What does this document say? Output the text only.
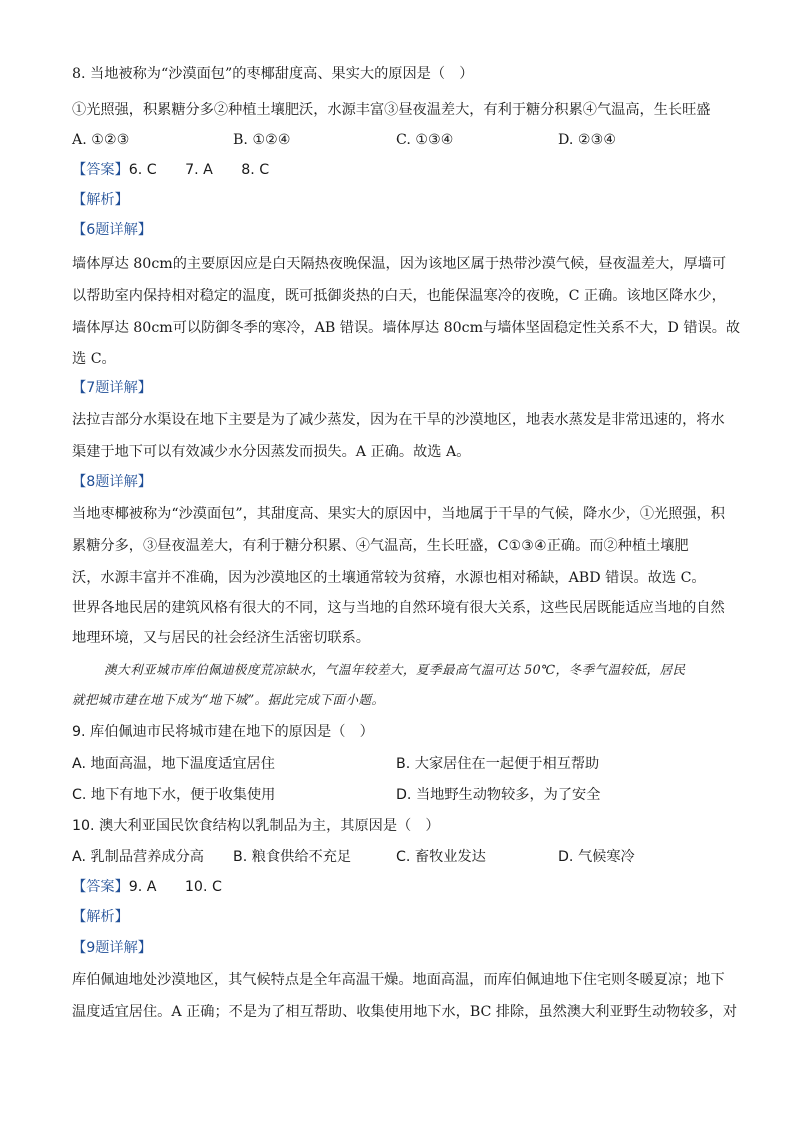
8. 当地被称为“沙漠面包”的枣椰甜度高、果实大的原因是（　）
①光照强，积累糖分多②种植土壤肥沃，水源丰富③昼夜温差大，有利于糖分积累④气温高，生长旺盛
A. ①②③	B. ①②④	C. ①③④	D. ②③④
【答案】6. C　　7. A　　8. C
【解析】
【6题详解】
墙体厚达 80cm的主要原因应是白天隔热夜晚保温，因为该地区属于热带沙漠气候，昼夜温差大，厚墙可
以帮助室内保持相对稳定的温度，既可抵御炎热的白天，也能保温寒冷的夜晚，C 正确。该地区降水少，
墙体厚达 80cm可以防御冬季的寒冷，AB 错误。墙体厚达 80cm与墙体坚固稳定性关系不大，D 错误。故
选 C。
【7题详解】
法拉吉部分水渠设在地下主要是为了减少蒸发，因为在干旱的沙漠地区，地表水蒸发是非常迅速的，将水
渠建于地下可以有效减少水分因蒸发而损失。A 正确。故选 A。
【8题详解】
当地枣椰被称为“沙漠面包”，其甜度高、果实大的原因中，当地属于干旱的气候，降水少，①光照强，积
累糖分多，③昼夜温差大，有利于糖分积累、④气温高，生长旺盛，C①③④正确。而②种植土壤肥
沃，水源丰富并不准确，因为沙漠地区的土壤通常较为贫瘠，水源也相对稀缺，ABD 错误。故选 C。
世界各地民居的建筑风格有很大的不同，这与当地的自然环境有很大关系，这些民居既能适应当地的自然
地理环境，又与居民的社会经济生活密切联系。
澳大利亚城市库伯佩迪极度荒凉缺水，气温年较差大，夏季最高气温可达 50℃，冬季气温较低，居民
就把城市建在地下成为“地下城”。据此完成下面小题。
9. 库伯佩迪市民将城市建在地下的原因是（　）
A. 地面高温，地下温度适宜居住	B. 大家居住在一起便于相互帮助
C. 地下有地下水，便于收集使用	D. 当地野生动物较多，为了安全
10. 澳大利亚国民饮食结构以乳制品为主，其原因是（　）
A. 乳制品营养成分高 B. 粮食供给不充足	C. 畜牧业发达	D. 气候寒冷
【答案】9. A　　10. C
【解析】
【9题详解】
库伯佩迪地处沙漠地区，其气候特点是全年高温干燥。地面高温，而库伯佩迪地下住宅则冬暖夏凉；地下
温度适宜居住。A 正确；不是为了相互帮助、收集使用地下水，BC 排除，虽然澳大利亚野生动物较多，对
